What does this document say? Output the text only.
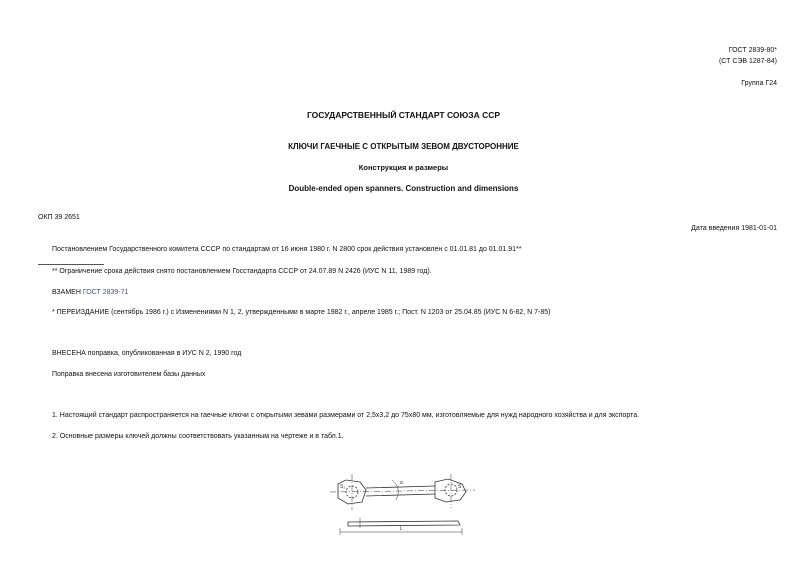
ГОСТ 2839-80*
(СТ СЭВ 1287-84)
Группа Г24
ГОСУДАРСТВЕННЫЙ СТАНДАРТ СОЮЗА ССР
КЛЮЧИ ГАЕЧНЫЕ С ОТКРЫТЫМ ЗЕВОМ ДВУСТОРОННИЕ
Конструкция и размеры
Double-ended open spanners. Construction and dimensions
ОКП 39 2651
Дата введения 1981-01-01
Постановлением Государственного комитета СССР по стандартам от 16 июня 1980 г. N 2800 срок действия установлен с 01.01.81 до 01.01.91**
** Ограничение срока действия снято постановлением Госстандарта СССР от 24.07.89 N 2426 (ИУС N 11, 1989 год).
ВЗАМЕН ГОСТ 2839-71
* ПЕРЕИЗДАНИЕ (сентябрь 1986 г.) с Изменениями N 1, 2, утвержденными в марте 1982 г., апреле 1985 г.; Пост. N 1203 от 25.04.85 (ИУС N 6-82, N 7-85)
ВНЕСЕНА поправка, опубликованная в ИУС N 2, 1990 год
Поправка внесена изготовителем базы данных
1. Настоящий стандарт распространяется на гаечные ключи с открытыми зевами размерами от 2,5х3,2 до 75х80 мм, изготовляемые для нужд народного хозяйства и для экспорта.
2. Основные размеры ключей должны соответствовать указанным на чертеже и в табл.1.
S₁	S
a
L
